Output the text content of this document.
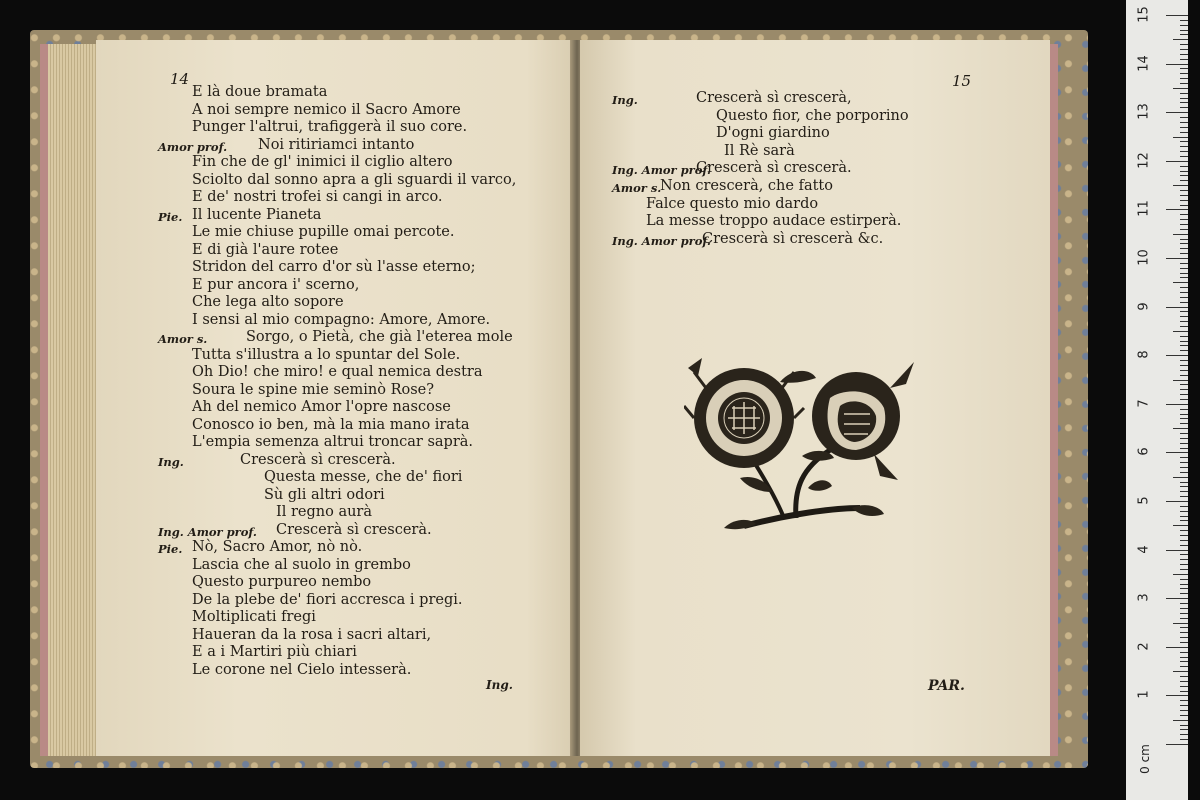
14
E là doue bramata
A noi sempre nemico il Sacro Amore
Punger l'altrui, trafiggerà il suo core.
Amor prof. Noi ritiriamci intanto
Fin che de gl' inimici il ciglio altero
Sciolto dal sonno apra a gli sguardi il varco,
E de' nostri trofei si cangi in arco.
Pie. Il lucente Pianeta
Le mie chiuse pupille omai percote.
E di già l'aure rotee
Stridon del carro d'or sù l'asse eterno;
E pur ancora i' scerno,
Che lega alto sopore
I sensi al mio compagno: Amore, Amore.
Amor s.	Sorgo, o Pietà, che già l'eterea mole
Tutta s'illustra a lo spuntar del Sole.
Oh Dio! che miro! e qual nemica destra
Soura le spine mie seminò Rose?
Ah del nemico Amor l'opre nascose
Conosco io ben, mà la mia mano irata
L'empia semenza altrui troncar saprà.
Ing.	Crescerà sì crescerà.
Questa messe, che de' fiori
Sù gli altri odori
Il regno aurà
Ing. Amor prof. Crescerà sì crescerà.
Pie. Nò, Sacro Amor, nò nò.
Lascia che al suolo in grembo
Questo purpureo nembo
De la plebe de' fiori accresca i pregi.
Moltiplicati fregi
Haueran da la rosa i sacri altari,
E a i Martiri più chiari
Le corone nel Cielo intesserà.
Ing.
15
Ing.	Crescerà sì crescerà,
Questo fior, che porporino
D'ogni giardino
Il Rè sarà
Ing. Amor prof.
Crescerà sì crescerà.
Amor s.
Non crescerà, che fatto
Falce questo mio dardo
La messe troppo audace estirperà.
Ing. Amor prof.
Crescerà sì crescerà &c.
PAR.
1
2
3
4
5
6
7
8
9
10
11
12
13
14
15
0 cm
